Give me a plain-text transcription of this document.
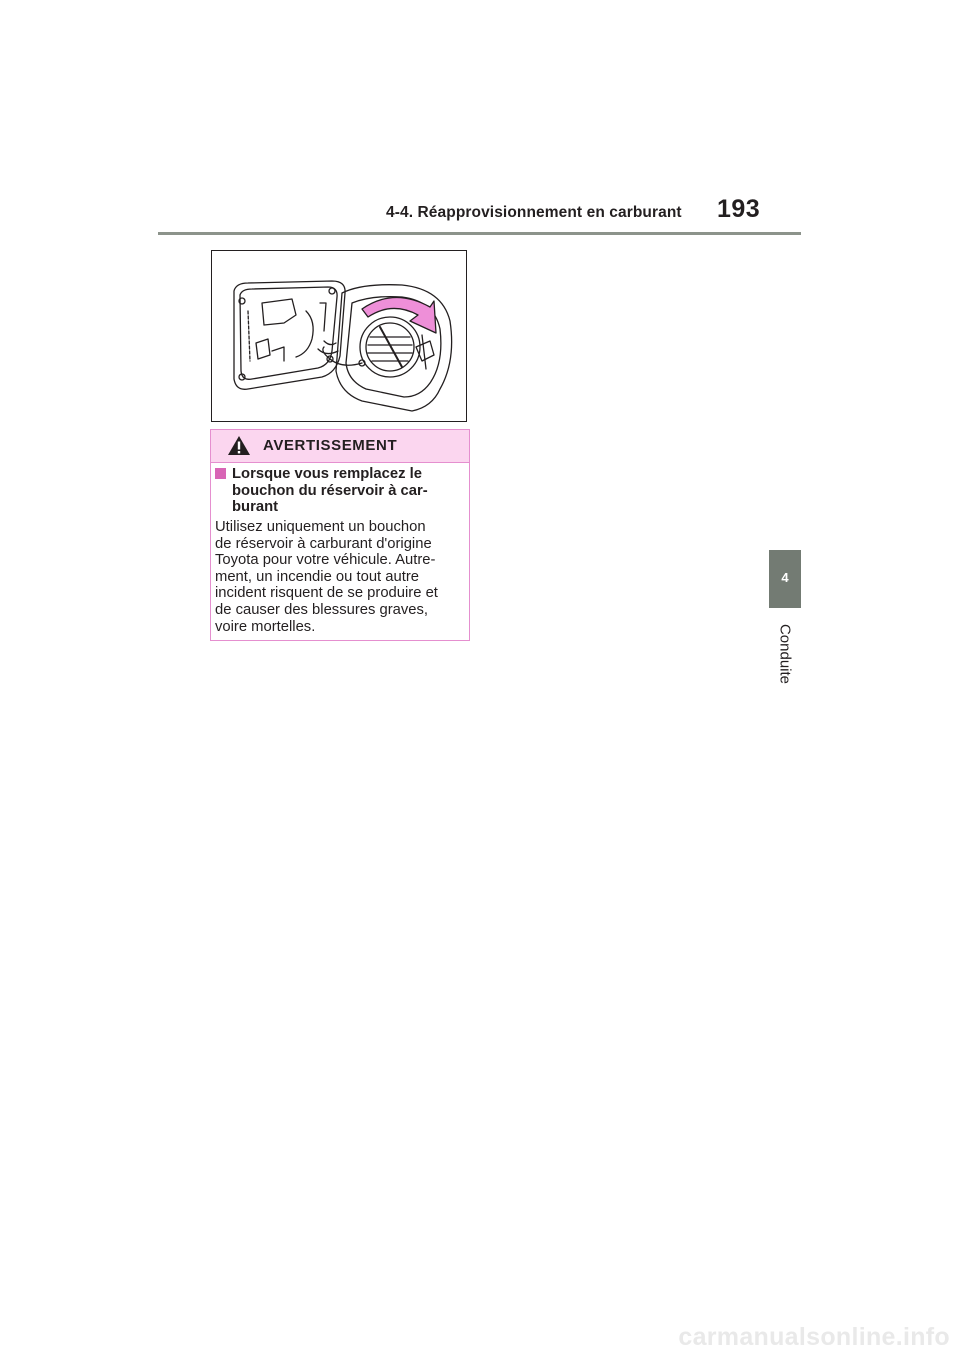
4-4. Réapprovisionnement en carburant 193
AVERTISSEMENT
Lorsque vous remplacez le
bouchon du réservoir à car-
burant
Utilisez uniquement un bouchon
de réservoir à carburant d'origine
Toyota pour votre véhicule. Autre-
ment, un incendie ou tout autre
incident risquent de se produire et
de causer des blessures graves,
voire mortelles.
4
Conduite
carmanualsonline.info
